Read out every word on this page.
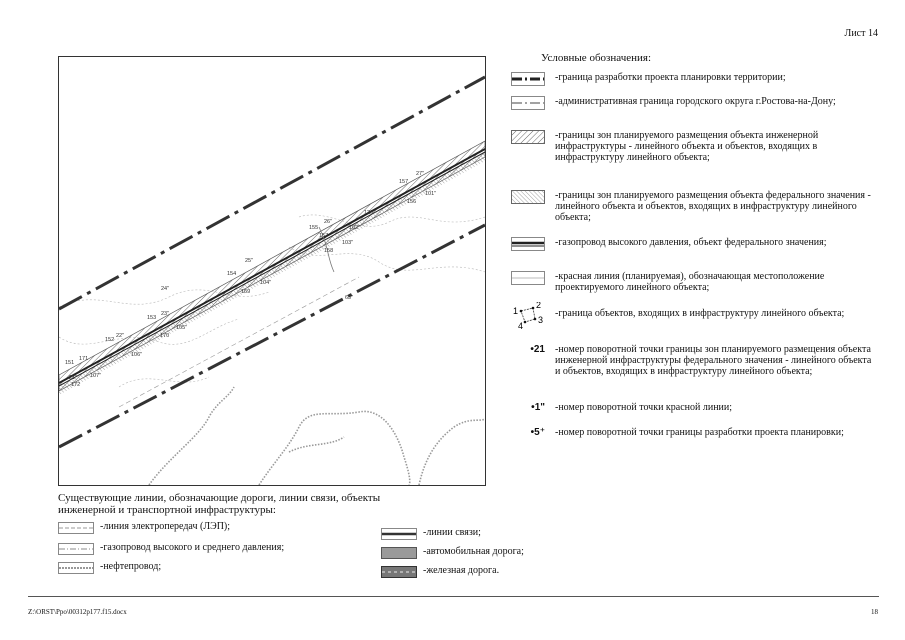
Лист 14
27"
157
101"
156
126
26"
155	102"
157
103"
158
25"
154
104"
169
24"
153
23"
105"
170
152
22"
106"
151
171
21" 107"
172
63"
Условные обозначения:
-граница разработки проекта планировки территории;
-административная граница городского округа г.Ростова-на-Дону;
-границы зон планируемого размещения объекта инженерной инфраструктуры - линейного объекта и объектов, входящих в инфраструктуру линейного объекта;
-границы зон планируемого размещения объекта федерального значения - линейного объекта и объектов, входящих в инфраструктуру линейного объекта;
-газопровод высокого давления, объект федерального значения;
-красная линия (планируемая), обозначающая местоположение проектируемого линейного объекта;
1
2
3
4
-граница объектов, входящих в инфраструктуру линейного объекта;
•21 -номер поворотной точки границы зон планируемого размещения объекта инженерной инфраструктуры федерального значения - линейного объекта и объектов, входящих в инфраструктуру линейного объекта;
•1" -номер поворотной точки красной линии;
•5⁺ -номер поворотной точки границы разработки проекта планировки;
Существующие линии, обозначающие дороги, линии связи, объекты инженерной и транспортной инфраструктуры:
-линия электропередач (ЛЭП);
-газопровод высокого и среднего давления;
-нефтепровод;
-линии связи;
-автомобильная дорога;
-железная дорога.
Z:\ORST\Ppo\00312p177.f15.docx	18
